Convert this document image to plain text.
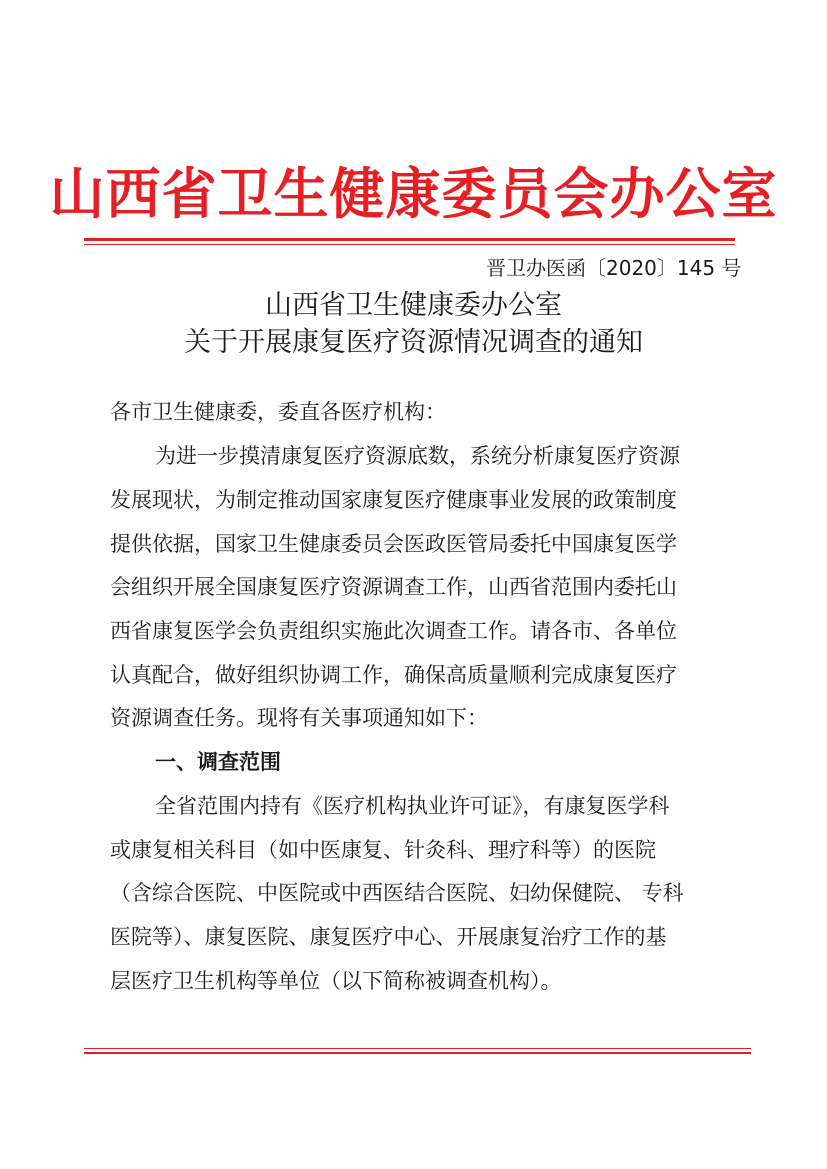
山西省卫生健康委员会办公室
晋卫办医函〔2020〕145 号
山西省卫生健康委办公室
关于开展康复医疗资源情况调查的通知
各市卫生健康委，委直各医疗机构：
为进一步摸清康复医疗资源底数，系统分析康复医疗资源
发展现状，为制定推动国家康复医疗健康事业发展的政策制度
提供依据，国家卫生健康委员会医政医管局委托中国康复医学
会组织开展全国康复医疗资源调查工作，山西省范围内委托山
西省康复医学会负责组织实施此次调查工作。请各市、各单位
认真配合，做好组织协调工作，确保高质量顺利完成康复医疗
资源调查任务。现将有关事项通知如下：
一、调查范围
全省范围内持有《医疗机构执业许可证》，有康复医学科
或康复相关科目（如中医康复、针灸科、理疗科等）的医院
（含综合医院、中医院或中西医结合医院、妇幼保健院、 专科
医院等）、康复医院、康复医疗中心、开展康复治疗工作的基
层医疗卫生机构等单位（以下简称被调查机构）。
